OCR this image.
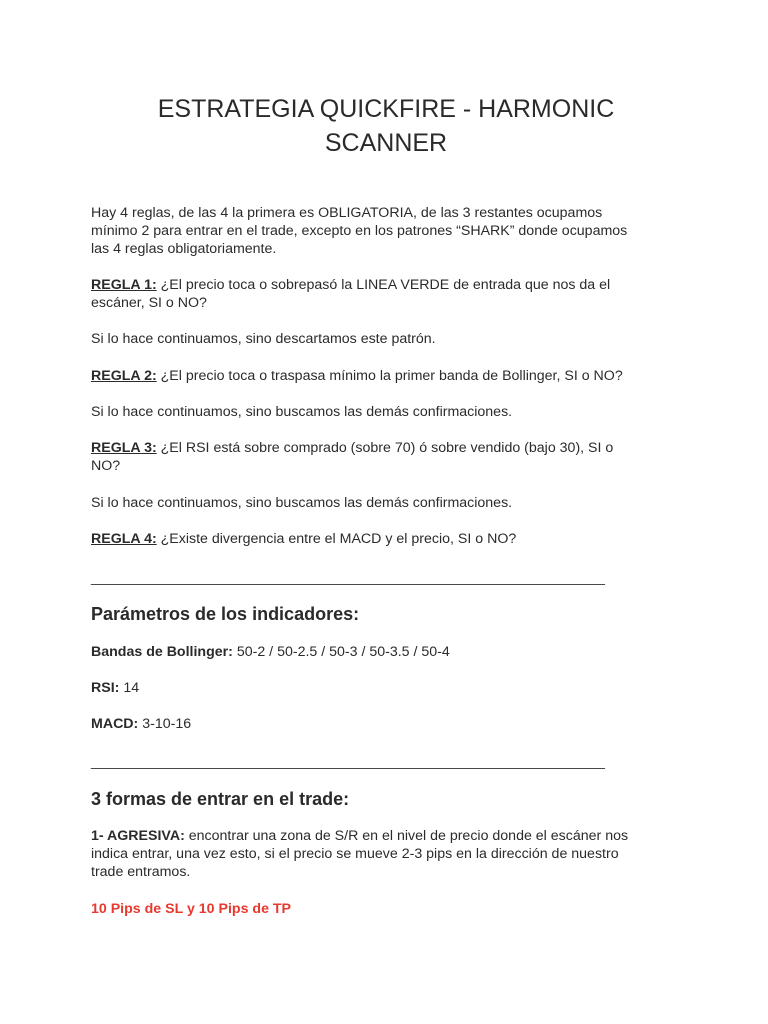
ESTRATEGIA QUICKFIRE - HARMONIC
SCANNER

Hay 4 reglas, de las 4 la primera es OBLIGATORIA, de las 3 restantes ocupamos
mínimo 2 para entrar en el trade, excepto en los patrones “SHARK” donde ocupamos
las 4 reglas obligatoriamente.

REGLA 1: ¿El precio toca o sobrepasó la LINEA VERDE de entrada que nos da el
escáner, SI o NO?

Si lo hace continuamos, sino descartamos este patrón.

REGLA 2: ¿El precio toca o traspasa mínimo la primer banda de Bollinger, SI o NO?

Si lo hace continuamos, sino buscamos las demás confirmaciones.

REGLA 3: ¿El RSI está sobre comprado (sobre 70) ó sobre vendido (bajo 30), SI o
NO?

Si lo hace continuamos, sino buscamos las demás confirmaciones.

REGLA 4: ¿Existe divergencia entre el MACD y el precio, SI o NO?

__________________________________________________________________
Parámetros de los indicadores:

Bandas de Bollinger: 50-2 / 50-2.5 / 50-3 / 50-3.5 / 50-4

RSI: 14

MACD: 3-10-16

__________________________________________________________________
3 formas de entrar en el trade:

1- AGRESIVA: encontrar una zona de S/R en el nivel de precio donde el escáner nos
indica entrar, una vez esto, si el precio se mueve 2-3 pips en la dirección de nuestro
trade entramos.

10 Pips de SL y 10 Pips de TP
